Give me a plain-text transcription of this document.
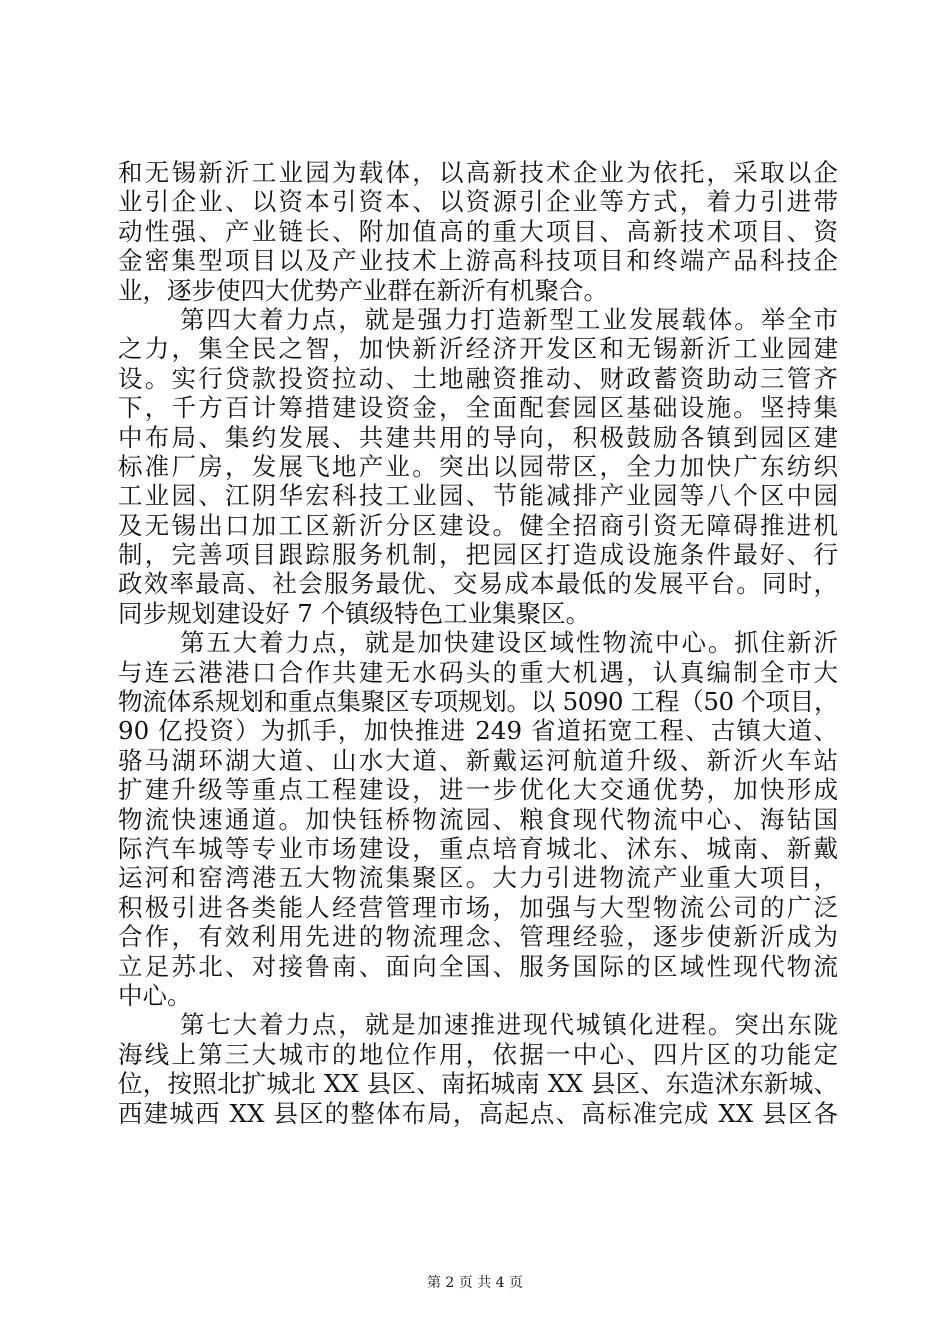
和无锡新沂工业园为载体，以高新技术企业为依托，采取以企
业引企业、以资本引资本、以资源引企业等方式，着力引进带
动性强、产业链长、附加值高的重大项目、高新技术项目、资
金密集型项目以及产业技术上游高科技项目和终端产品科技企
业，逐步使四大优势产业群在新沂有机聚合。
第四大着力点，就是强力打造新型工业发展载体。举全市
之力，集全民之智，加快新沂经济开发区和无锡新沂工业园建
设。实行贷款投资拉动、土地融资推动、财政蓄资助动三管齐
下，千方百计筹措建设资金，全面配套园区基础设施。坚持集
中布局、集约发展、共建共用的导向，积极鼓励各镇到园区建
标准厂房，发展飞地产业。突出以园带区，全力加快广东纺织
工业园、江阴华宏科技工业园、节能减排产业园等八个区中园
及无锡出口加工区新沂分区建设。健全招商引资无障碍推进机
制，完善项目跟踪服务机制，把园区打造成设施条件最好、行
政效率最高、社会服务最优、交易成本最低的发展平台。同时，
同步规划建设好 7 个镇级特色工业集聚区。
第五大着力点，就是加快建设区域性物流中心。抓住新沂
与连云港港口合作共建无水码头的重大机遇，认真编制全市大
物流体系规划和重点集聚区专项规划。以 5090 工程（50 个项目，
90 亿投资）为抓手，加快推进 249 省道拓宽工程、古镇大道、
骆马湖环湖大道、山水大道、新戴运河航道升级、新沂火车站
扩建升级等重点工程建设，进一步优化大交通优势，加快形成
物流快速通道。加快钰桥物流园、粮食现代物流中心、海钻国
际汽车城等专业市场建设，重点培育城北、沭东、城南、新戴
运河和窑湾港五大物流集聚区。大力引进物流产业重大项目，
积极引进各类能人经营管理市场，加强与大型物流公司的广泛
合作，有效利用先进的物流理念、管理经验，逐步使新沂成为
立足苏北、对接鲁南、面向全国、服务国际的区域性现代物流
中心。
第七大着力点，就是加速推进现代城镇化进程。突出东陇
海线上第三大城市的地位作用，依据一中心、四片区的功能定
位，按照北扩城北 XX 县区、南拓城南 XX 县区、东造沭东新城、
西建城西 XX 县区的整体布局，高起点、高标准完成 XX 县区各
第 2 页 共 4 页
